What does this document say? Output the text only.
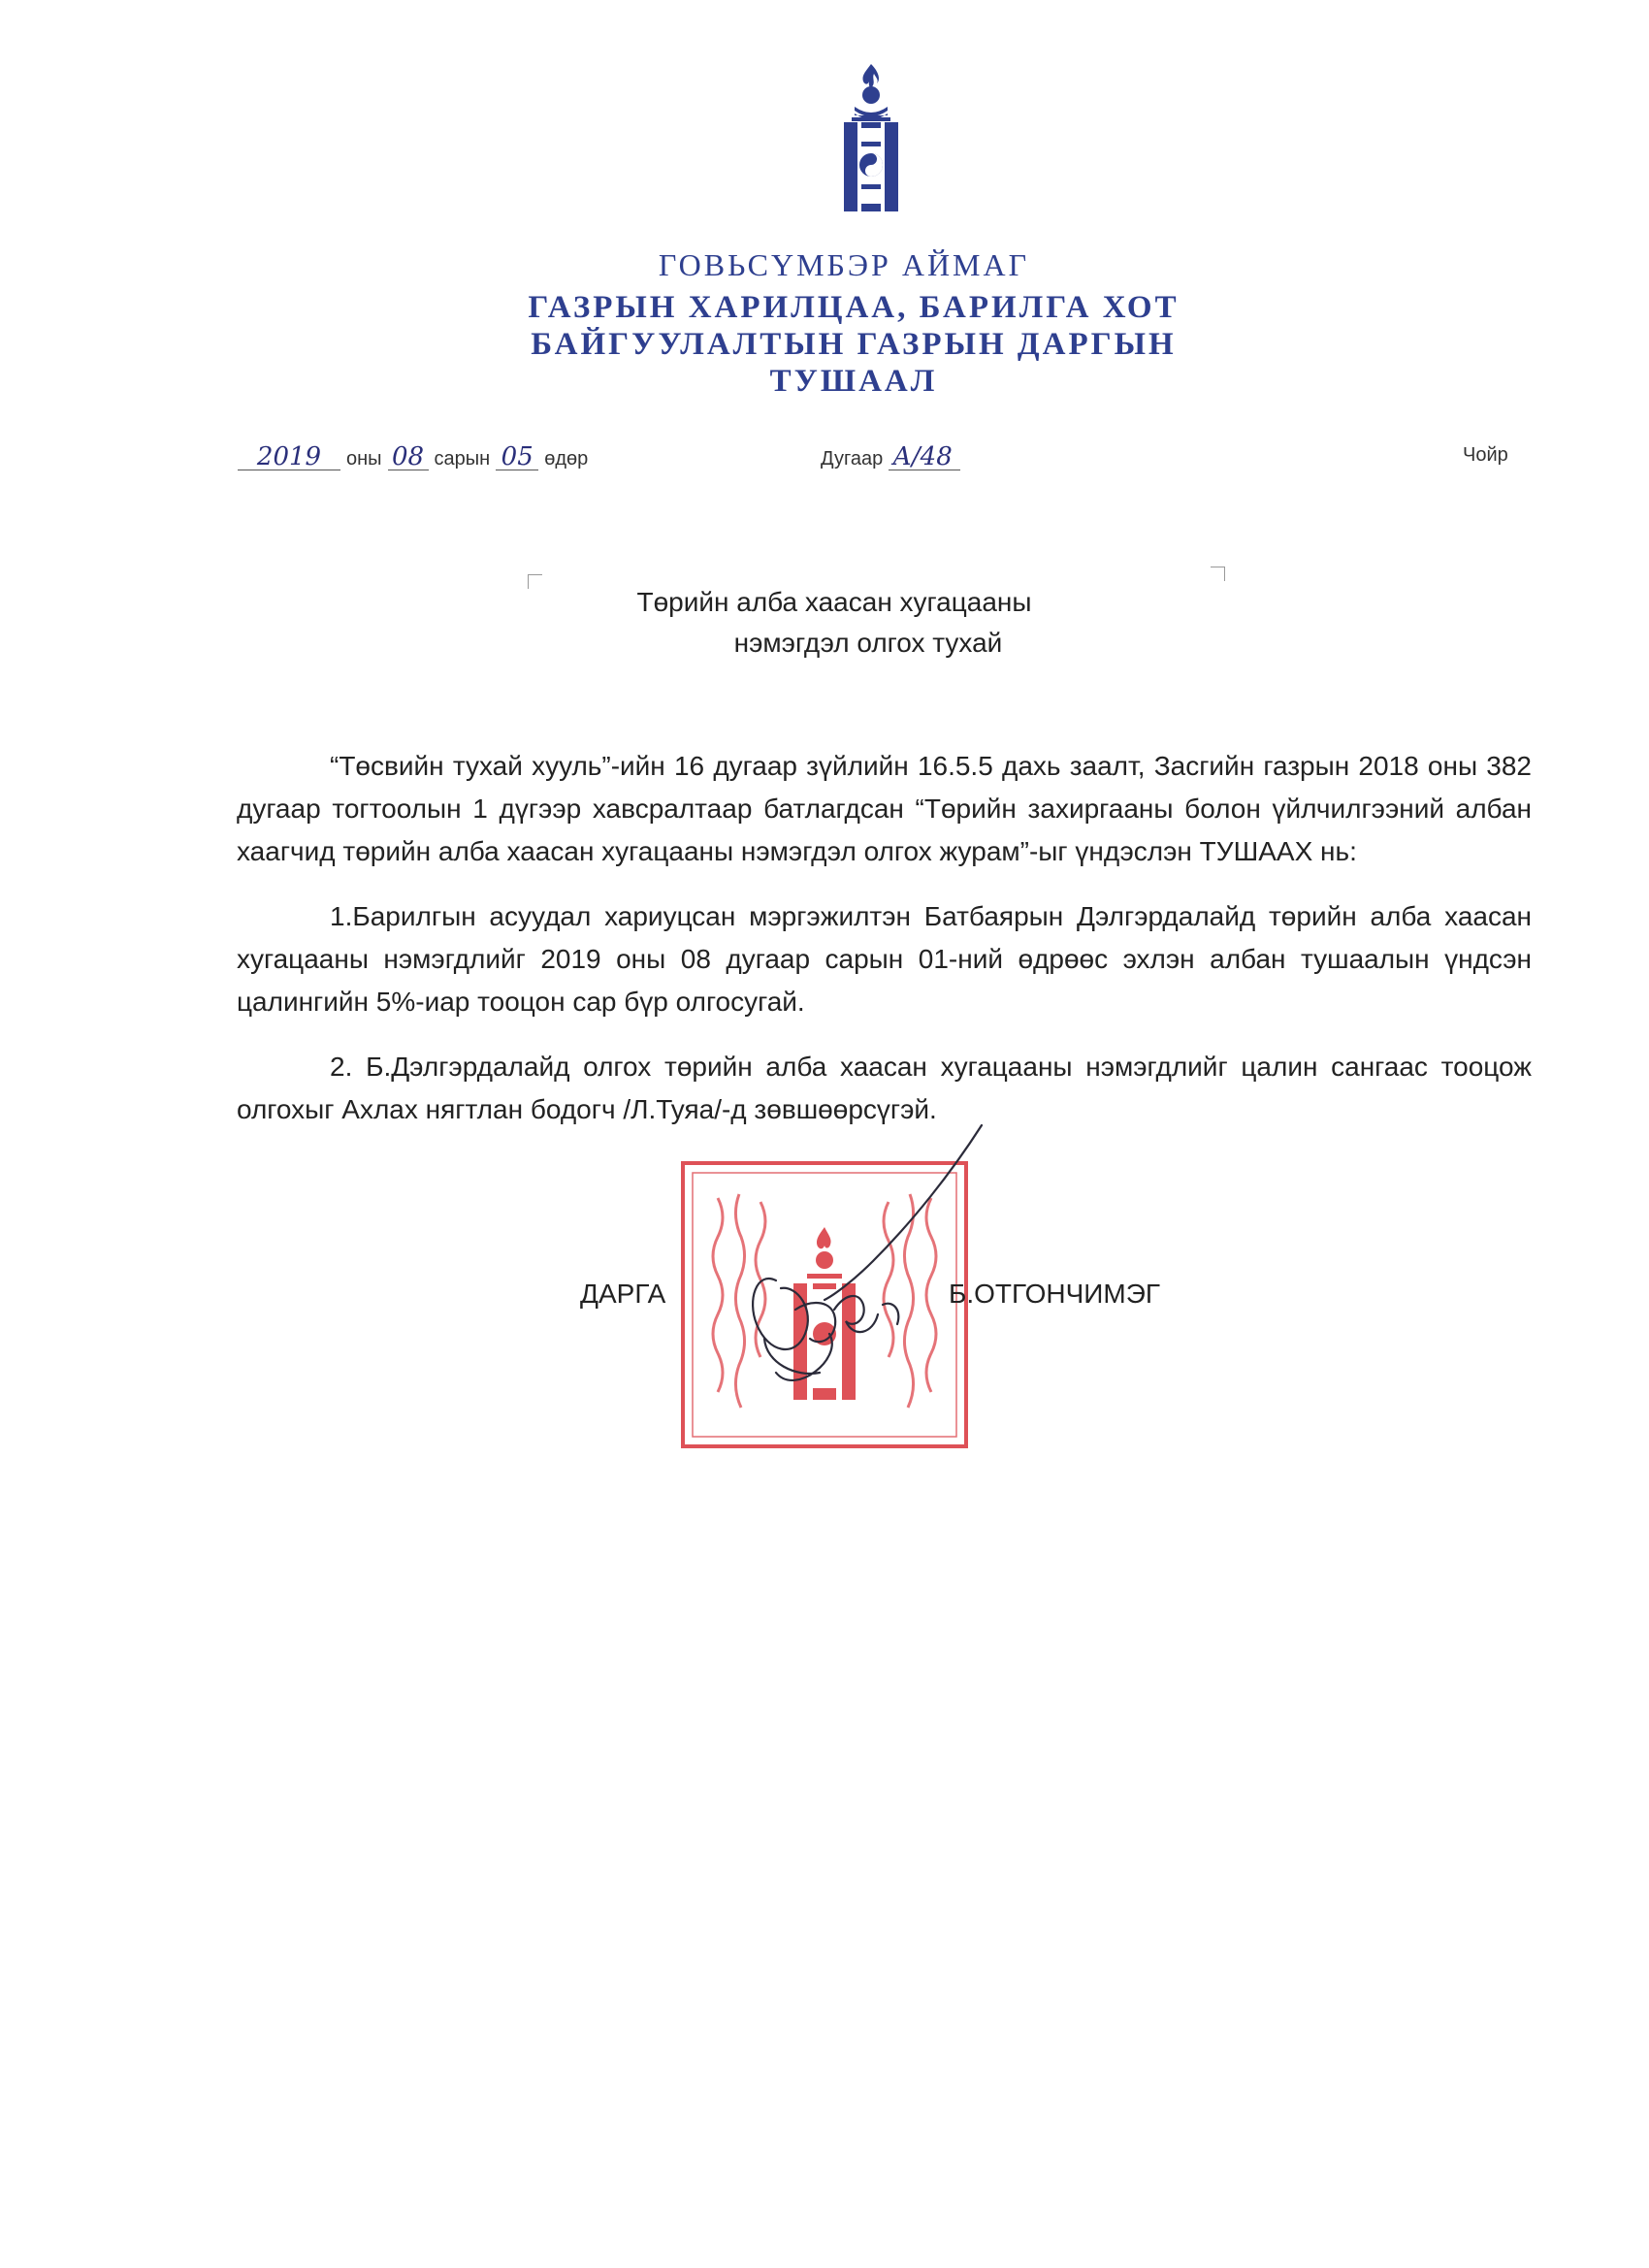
ГОВЬСҮМБЭР АЙМАГ
ГАЗРЫН ХАРИЛЦАА, БАРИЛГА ХОТ
БАЙГУУЛАЛТЫН ГАЗРЫН ДАРГЫН
ТУШААЛ
2019 оны 08 сарын 05 өдөр	Дугаар А/48	Чойр
Төрийн алба хаасан хугацааны
нэмэгдэл олгох тухай

“Төсвийн тухай хууль”-ийн 16 дугаар зүйлийн 16.5.5 дахь заалт, Засгийн газрын 2018 оны 382 дугаар тогтоолын 1 дүгээр хавсралтаар батлагдсан “Төрийн захиргааны болон үйлчилгээний албан хаагчид төрийн алба хаасан хугацааны нэмэгдэл олгох журам”-ыг үндэслэн ТУШААХ нь:

1.Барилгын асуудал хариуцсан мэргэжилтэн Батбаярын Дэлгэрдалайд төрийн алба хаасан хугацааны нэмэгдлийг 2019 оны 08 дугаар сарын 01-ний өдрөөс эхлэн албан тушаалын үндсэн цалингийн 5%-иар тооцон сар бүр олгосугай.

2. Б.Дэлгэрдалайд олгох төрийн алба хаасан хугацааны нэмэгдлийг цалин сангаас тооцож олгохыг Ахлах нягтлан бодогч /Л.Туяа/-д зөвшөөрсүгэй.

ДАРГА	Б.ОТГОНЧИМЭГ
